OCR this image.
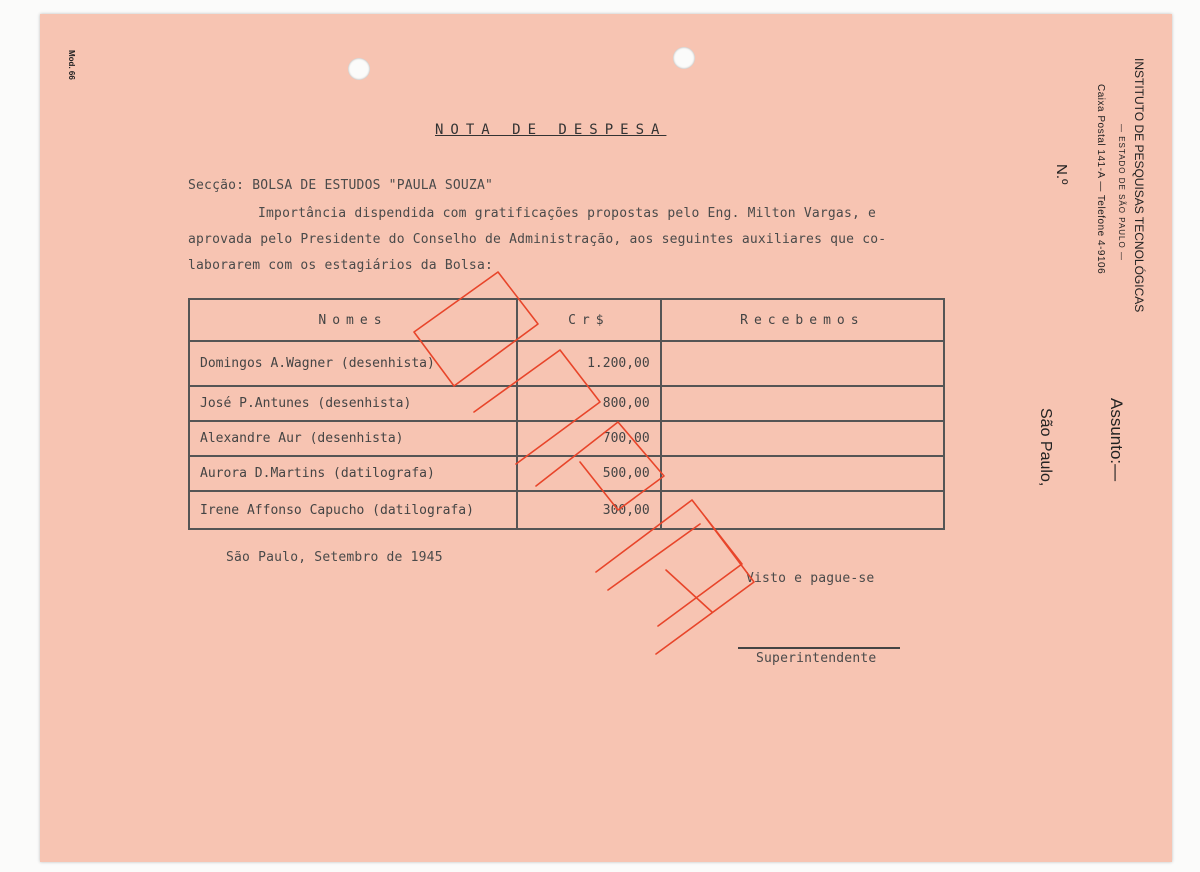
Mod. 66	INSTITUTO DE PESQUISAS TECNOLÓGICAS
— ESTADO DE SÃO PAULO —
Caixa Postal 141-A — Telefone 4-9106
N.º
Assunto:—
São Paulo,
NOTA DE DESPESA
Secção: BOLSA DE ESTUDOS "PAULA SOUZA"
Importância dispendida com gratificações propostas pelo Eng. Milton Vargas, e
aprovada pelo Presidente do Conselho de Administração, aos seguintes auxiliares que co-
laborarem com os estagiários da Bolsa:
Nomes	Cr$	Recebemos
Domingos A.Wagner (desenhista)	1.200,00	
José P.Antunes (desenhista)	800,00	
Alexandre Aur (desenhista)	700,00	
Aurora D.Martins (datilografa)	500,00	
Irene Affonso Capucho (datilografa)	300,00	
São Paulo, Setembro de 1945
Visto e pague-se
Superintendente
